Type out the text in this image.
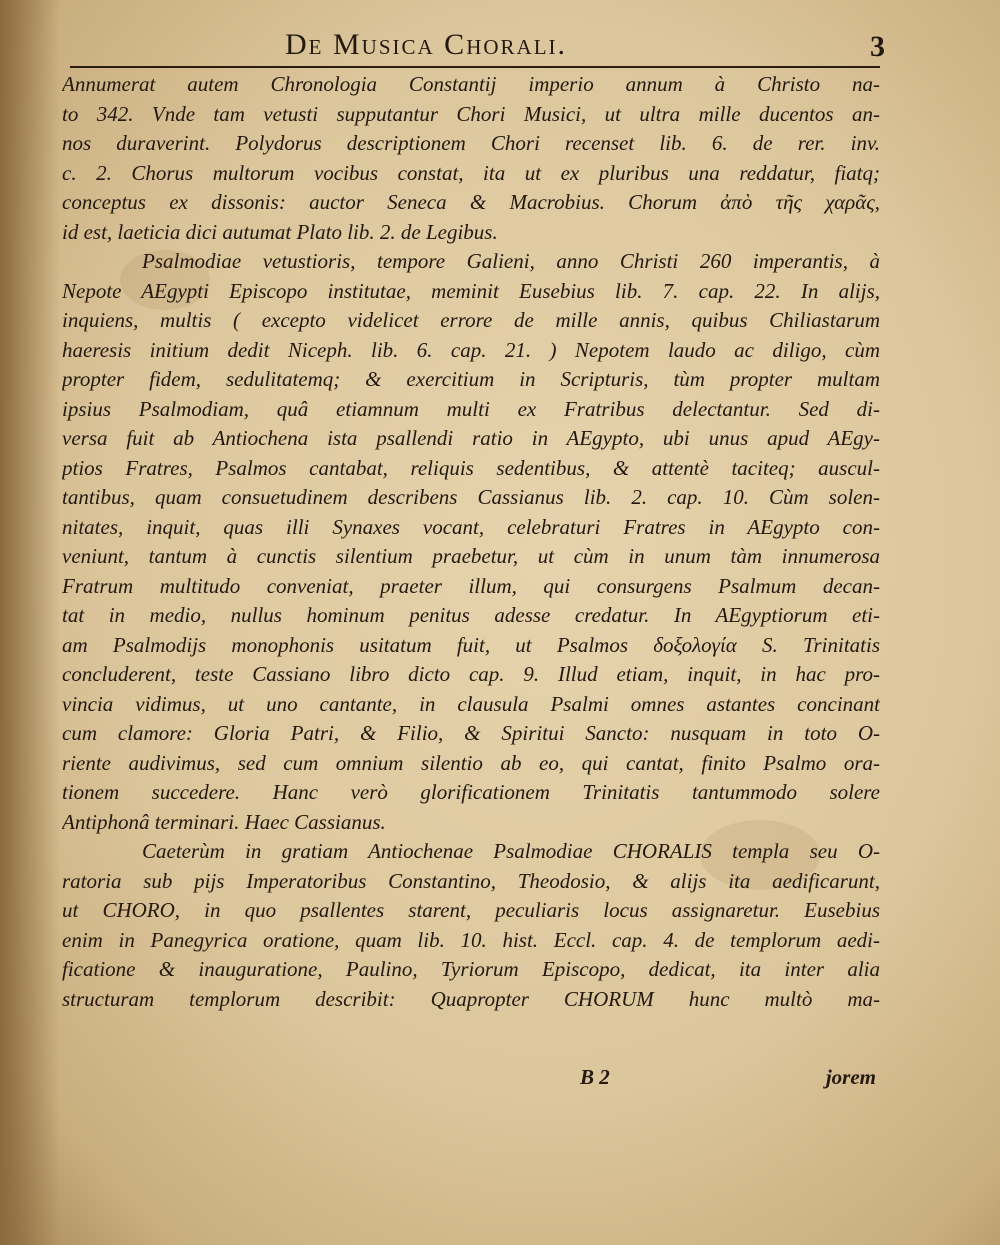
De Musica Chorali.	3
Annumerat autem Chronologia Constantij imperio annum à Christo na-
to 342. Vnde tam vetusti supputantur Chori Musici, ut ultra mille ducentos an-
nos duraverint. Polydorus descriptionem Chori recenset lib. 6. de rer. inv.
c. 2. Chorus multorum vocibus constat, ita ut ex pluribus una reddatur, fiatq;
conceptus ex dissonis: auctor Seneca & Macrobius. Chorum ἀπὸ τῆς χαρᾶς,
id est, laeticia dici autumat Plato lib. 2. de Legibus.
Psalmodiae vetustioris, tempore Galieni, anno Christi 260 imperantis, à
Nepote AEgypti Episcopo institutae, meminit Eusebius lib. 7. cap. 22. In alijs,
inquiens, multis ( excepto videlicet errore de mille annis, quibus Chiliastarum
haeresis initium dedit Niceph. lib. 6. cap. 21. ) Nepotem laudo ac diligo, cùm
propter fidem, sedulitatemq; & exercitium in Scripturis, tùm propter multam
ipsius Psalmodiam, quâ etiamnum multi ex Fratribus delectantur. Sed di-
versa fuit ab Antiochena ista psallendi ratio in AEgypto, ubi unus apud AEgy-
ptios Fratres, Psalmos cantabat, reliquis sedentibus, & attentè taciteq; auscul-
tantibus, quam consuetudinem describens Cassianus lib. 2. cap. 10. Cùm solen-
nitates, inquit, quas illi Synaxes vocant, celebraturi Fratres in AEgypto con-
veniunt, tantum à cunctis silentium praebetur, ut cùm in unum tàm innumerosa
Fratrum multitudo conveniat, praeter illum, qui consurgens Psalmum decan-
tat in medio, nullus hominum penitus adesse credatur. In AEgyptiorum eti-
am Psalmodijs monophonis usitatum fuit, ut Psalmos δοξολογία S. Trinitatis
concluderent, teste Cassiano libro dicto cap. 9. Illud etiam, inquit, in hac pro-
vincia vidimus, ut uno cantante, in clausula Psalmi omnes astantes concinant
cum clamore: Gloria Patri, & Filio, & Spiritui Sancto: nusquam in toto O-
riente audivimus, sed cum omnium silentio ab eo, qui cantat, finito Psalmo ora-
tionem succedere. Hanc verò glorificationem Trinitatis tantummodo solere
Antiphonâ terminari. Haec Cassianus.
Caeterùm in gratiam Antiochenae Psalmodiae CHORALIS templa seu O-
ratoria sub pijs Imperatoribus Constantino, Theodosio, & alijs ita aedificarunt,
ut CHORO, in quo psallentes starent, peculiaris locus assignaretur. Eusebius
enim in Panegyrica oratione, quam lib. 10. hist. Eccl. cap. 4. de templorum aedi-
ficatione & inauguratione, Paulino, Tyriorum Episcopo, dedicat, ita inter alia
structuram templorum describit: Quapropter CHORUM hunc multò ma-
B 2	jorem
